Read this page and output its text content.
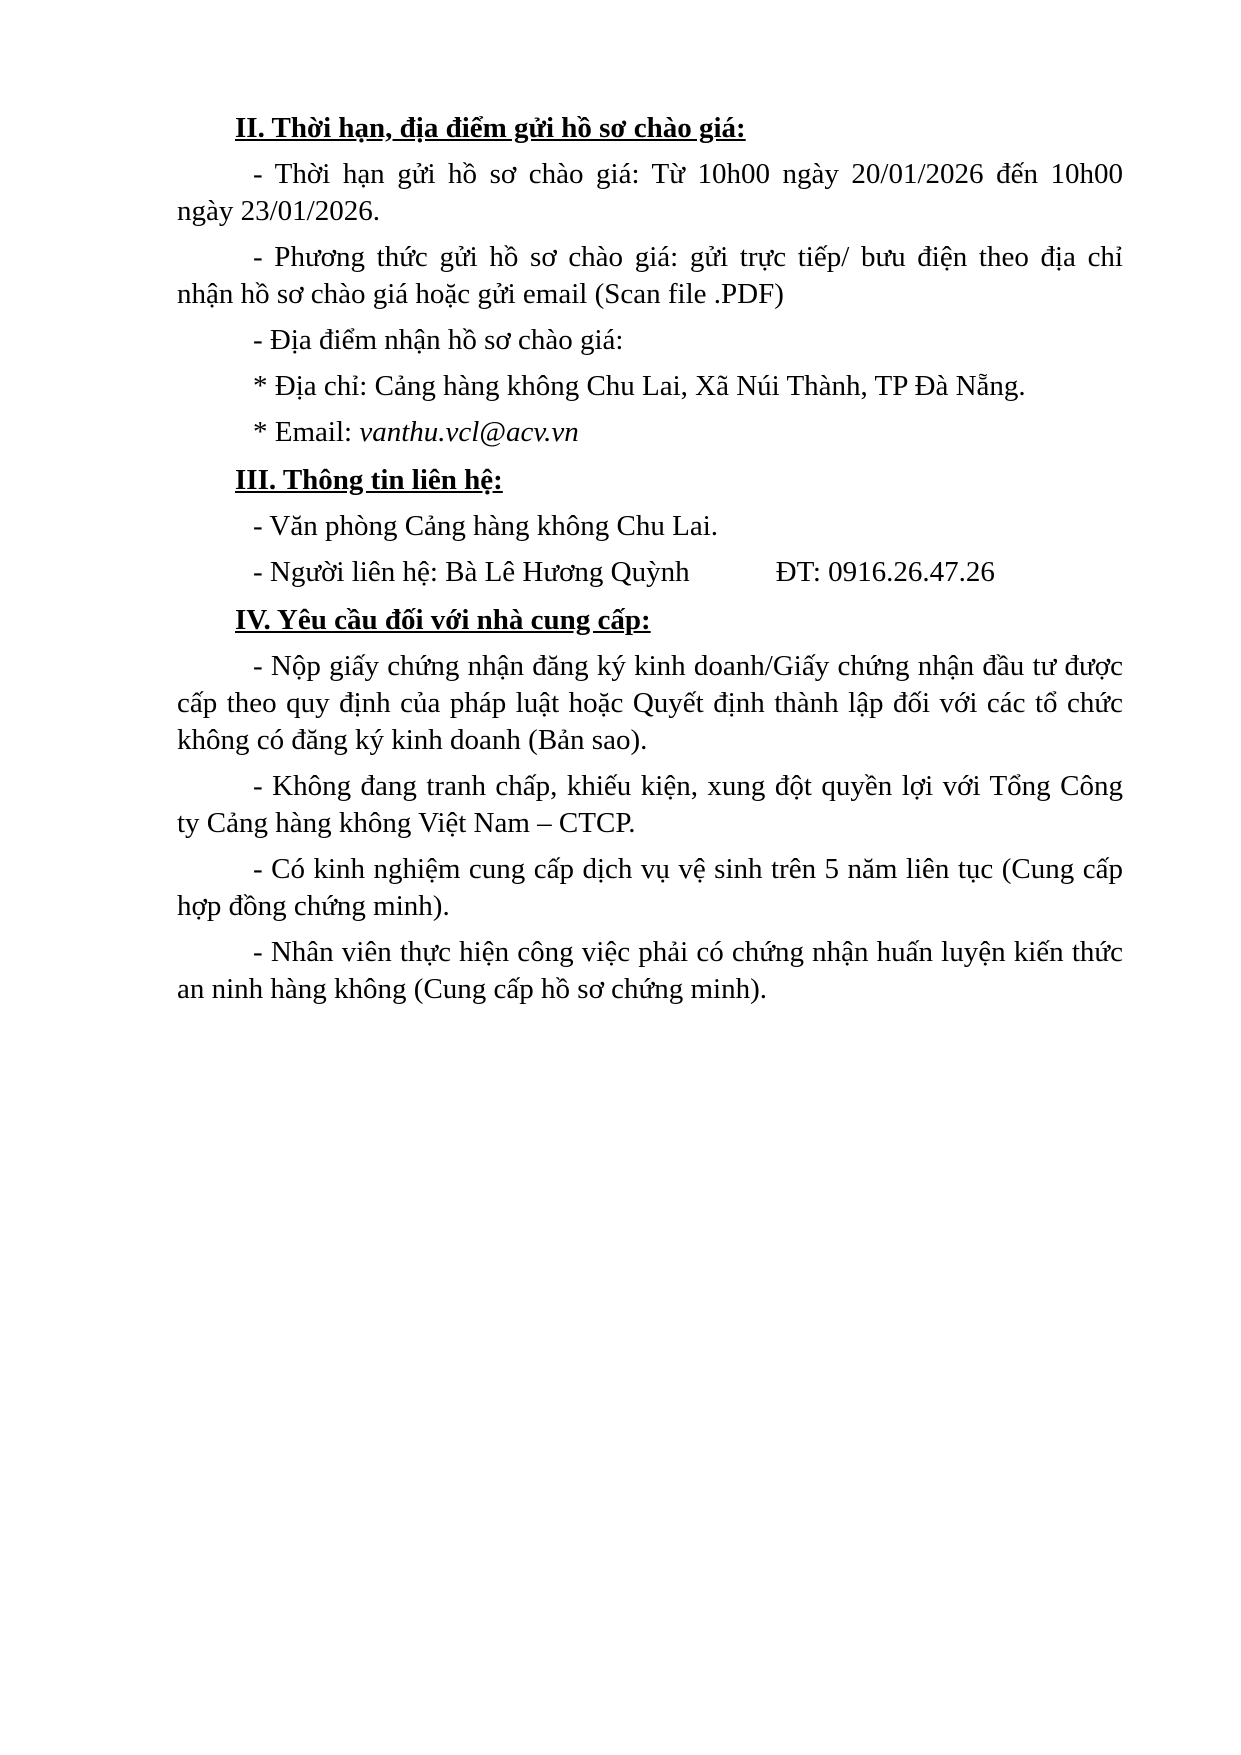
II. Thời hạn, địa điểm gửi hồ sơ chào giá:
- Thời hạn gửi hồ sơ chào giá: Từ 10h00 ngày 20/01/2026 đến 10h00
ngày 23/01/2026.
- Phương thức gửi hồ sơ chào giá: gửi trực tiếp/ bưu điện theo địa chỉ
nhận hồ sơ chào giá hoặc gửi email (Scan file .PDF)
- Địa điểm nhận hồ sơ chào giá:
* Địa chỉ: Cảng hàng không Chu Lai, Xã Núi Thành, TP Đà Nẵng.
* Email: vanthu.vcl@acv.vn
III. Thông tin liên hệ:
- Văn phòng Cảng hàng không Chu Lai.
- Người liên hệ: Bà Lê Hương Quỳnh	ĐT: 0916.26.47.26
IV. Yêu cầu đối với nhà cung cấp:
- Nộp giấy chứng nhận đăng ký kinh doanh/Giấy chứng nhận đầu tư được
cấp theo quy định của pháp luật hoặc Quyết định thành lập đối với các tổ chức
không có đăng ký kinh doanh (Bản sao).
- Không đang tranh chấp, khiếu kiện, xung đột quyền lợi với Tổng Công
ty Cảng hàng không Việt Nam – CTCP.
- Có kinh nghiệm cung cấp dịch vụ vệ sinh trên 5 năm liên tục (Cung cấp
hợp đồng chứng minh).
- Nhân viên thực hiện công việc phải có chứng nhận huấn luyện kiến thức
an ninh hàng không (Cung cấp hồ sơ chứng minh).
